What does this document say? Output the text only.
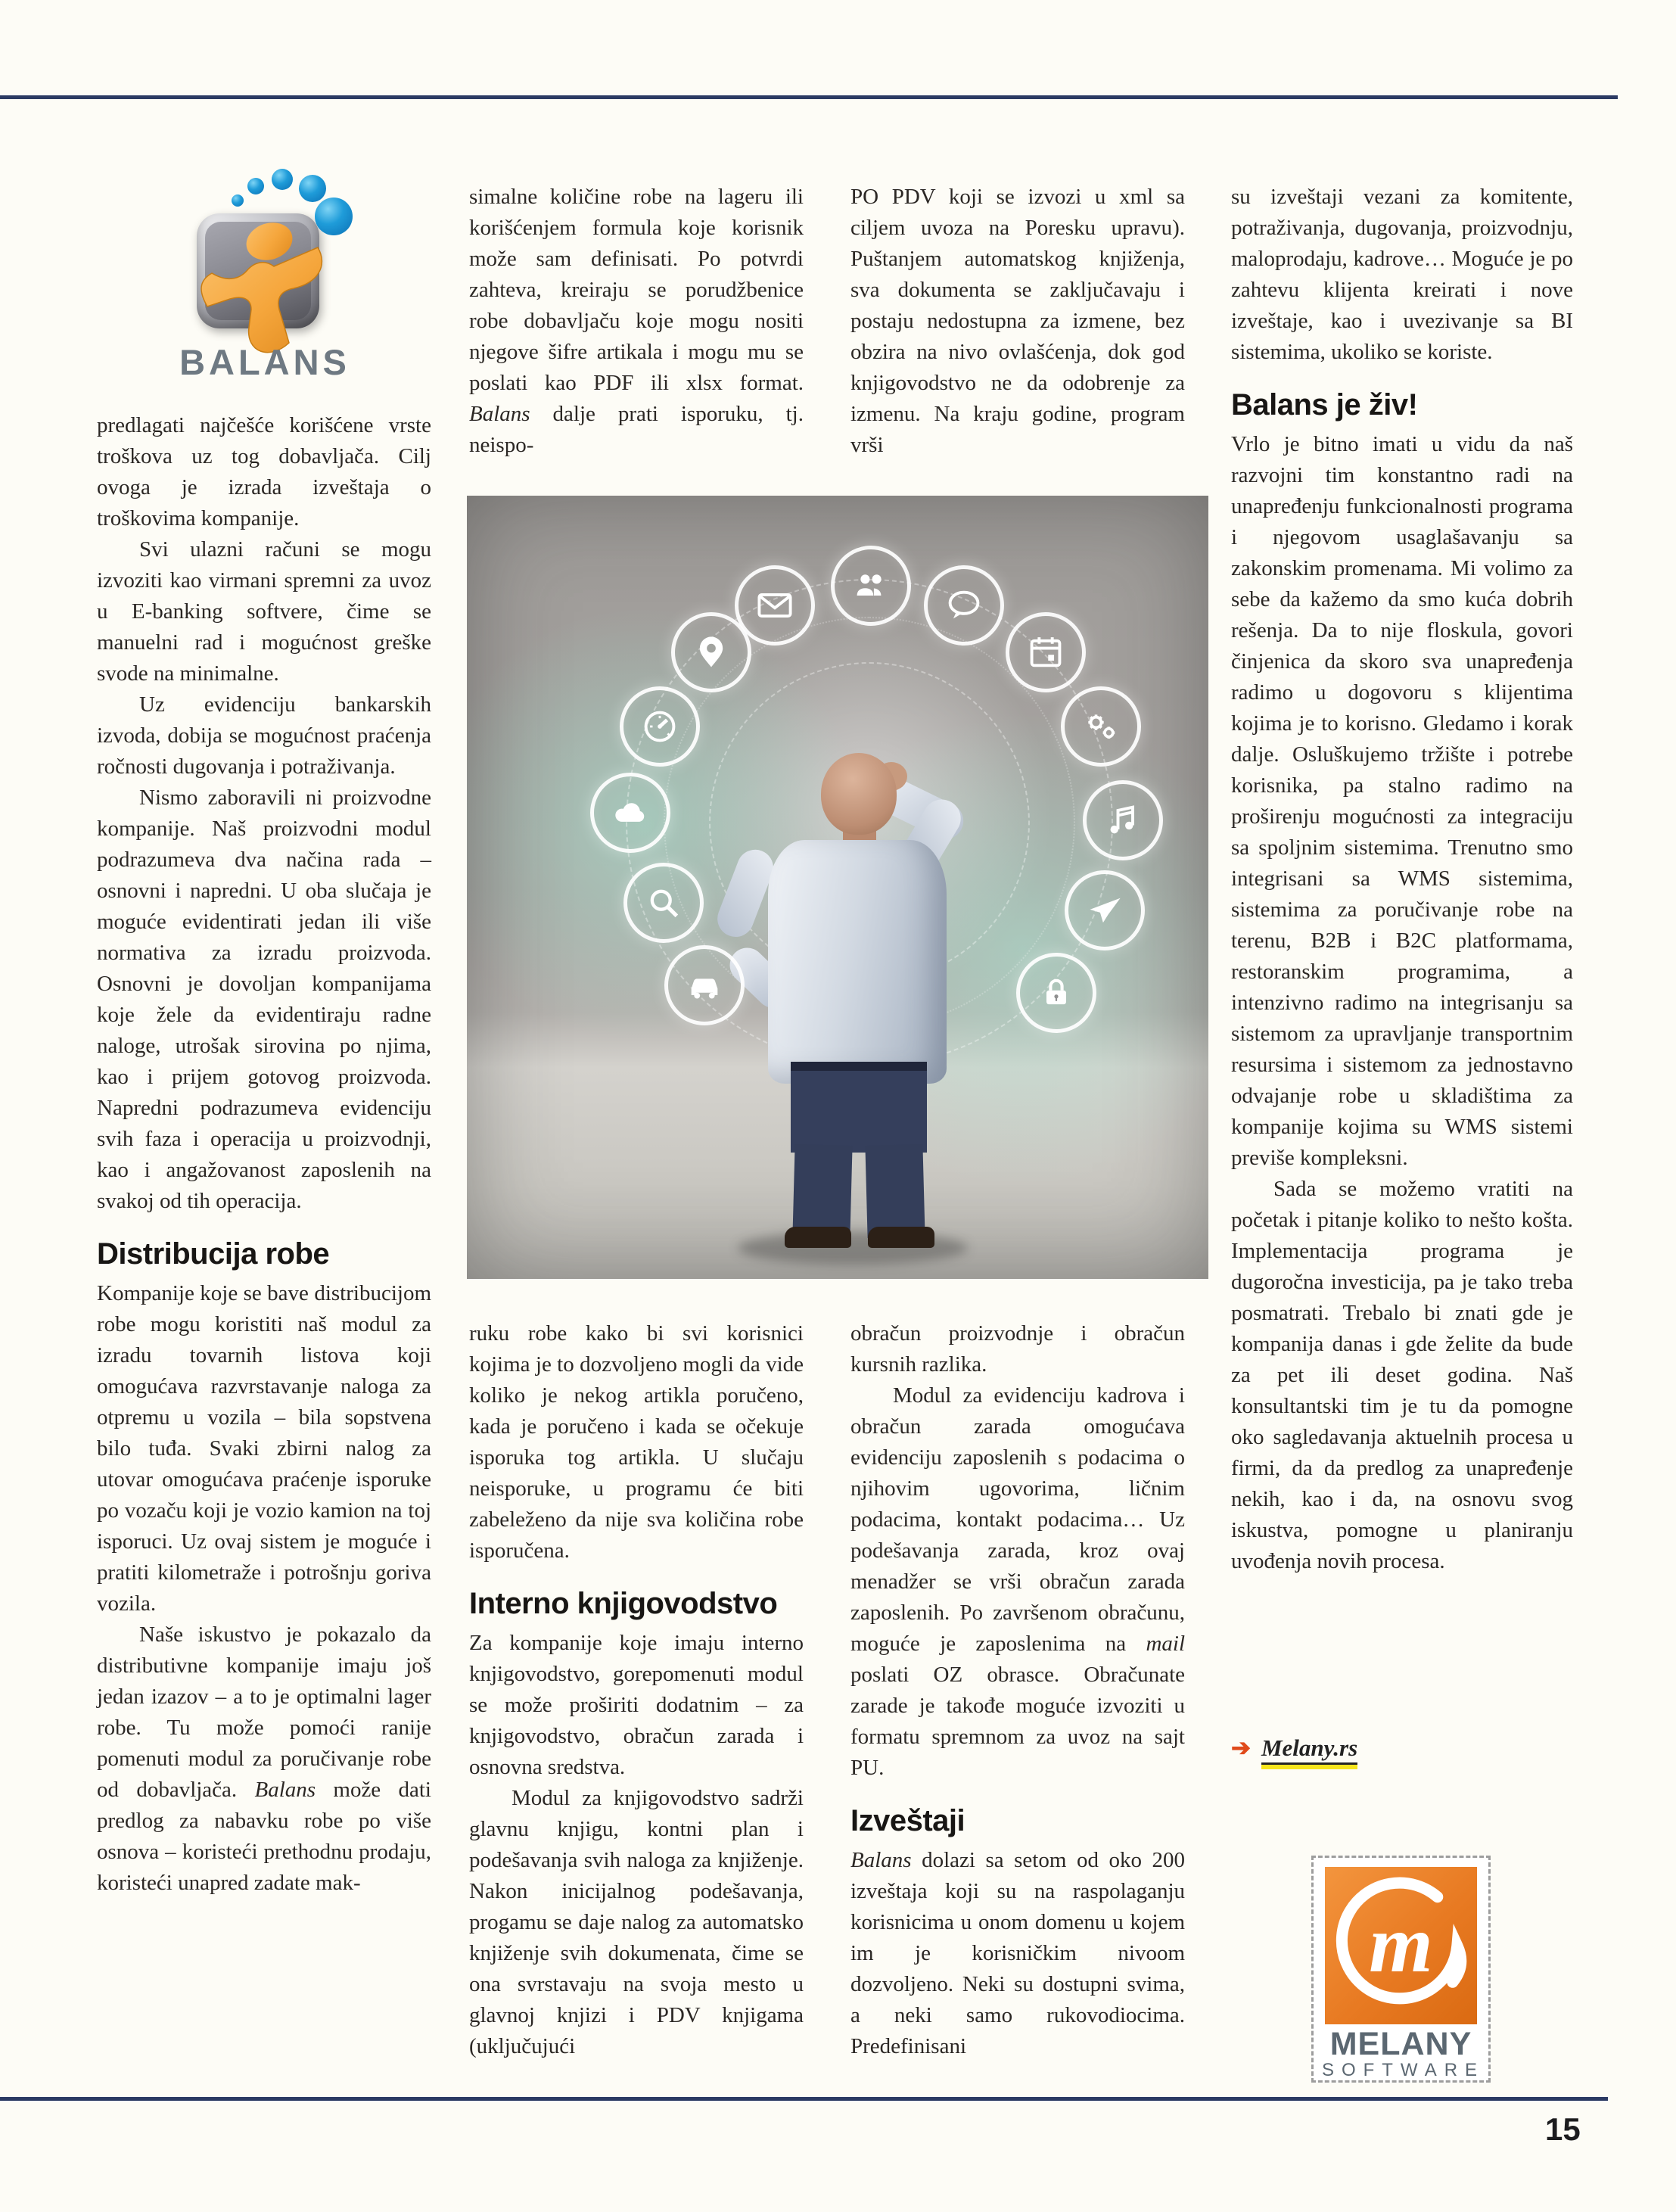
BALANS

predlagati najčešće korišćene vrste troškova uz tog dobavljača. Cilj ovoga je izrada izveštaja o troškovima kompanije.

Svi ulazni računi se mogu izvoziti kao virmani spremni za uvoz u E-banking softvere, čime se manuelni rad i mogućnost greške svode na minimalne.

Uz evidenciju bankarskih izvoda, dobija se mogućnost praćenja ročnosti dugovanja i potraživanja.

Nismo zaboravili ni proizvodne kompanije. Naš proizvodni modul podrazumeva dva načina rada – osnovni i napredni. U oba slučaja je moguće evidentirati jedan ili više normativa za izradu proizvoda. Osnovni je dovoljan kompanijama koje žele da evidentiraju radne naloge, utrošak sirovina po njima, kao i prijem gotovog proizvoda. Napredni podrazumeva evidenciju svih faza i operacija u proizvodnji, kao i angažovanost zaposlenih na svakoj od tih operacija.

Distribucija robe

Kompanije koje se bave distribucijom robe mogu koristiti naš modul za izradu tovarnih listova koji omogućava razvrstavanje naloga za otpremu u vozila – bila sopstvena bilo tuđa. Svaki zbirni nalog za utovar omogućava praćenje isporuke po vozaču koji je vozio kamion na toj isporuci. Uz ovaj sistem je moguće i pratiti kilometraže i potrošnju goriva vozila.

Naše iskustvo je pokazalo da distributivne kompanije imaju još jedan izazov – a to je optimalni lager robe. Tu može pomoći ranije pomenuti modul za poručivanje robe od dobavljača. Balans može dati predlog za nabavku robe po više osnova – koristeći prethodnu prodaju, koristeći unapred zadate mak-

simalne količine robe na lageru ili korišćenjem formula koje korisnik može sam definisati. Po potvrdi zahteva, kreiraju se porudžbenice robe dobavljaču koje mogu nositi njegove šifre artikala i mogu mu se poslati kao PDF ili xlsx format. Balans dalje prati isporuku, tj. neispo-

PO PDV koji se izvozi u xml sa ciljem uvoza na Poresku upravu). Puštanjem automatskog knjiženja, sva dokumenta se zaključavaju i postaju nedostupna za izmene, bez obzira na nivo ovlašćenja, dok god knjigovodstvo ne da odobrenje za izmenu. Na kraju godine, program vrši

ruku robe kako bi svi korisnici kojima je to dozvoljeno mogli da vide koliko je nekog artikla poručeno, kada je poručeno i kada se očekuje isporuka tog artikla. U slučaju neisporuke, u programu će biti zabeleženo da nije sva količina robe isporučena.

Interno knjigovodstvo

Za kompanije koje imaju interno knjigovodstvo, gorepomenuti modul se može proširiti dodatnim – za knjigovodstvo, obračun zarada i osnovna sredstva.

Modul za knjigovodstvo sadrži glavnu knjigu, kontni plan i podešavanja svih naloga za knjiženje. Nakon inicijalnog podešavanja, progamu se daje nalog za automatsko knjiženje svih dokumenata, čime se ona svrstavaju na svoja mesto u glavnoj knjizi i PDV knjigama (uključujući

obračun proizvodnje i obračun kursnih razlika.

Modul za evidenciju kadrova i obračun zarada omogućava evidenciju zaposlenih s podacima o njihovim ugovorima, ličnim podacima, kontakt podacima… Uz podešavanja zarada, kroz ovaj menadžer se vrši obračun zarada zaposlenih. Po završenom obračunu, moguće je zaposlenima na mail poslati OZ obrasce. Obračunate zarade je takođe moguće izvoziti u formatu spremnom za uvoz na sajt PU.

Izveštaji

Balans dolazi sa setom od oko 200 izveštaja koji su na raspolaganju korisnicima u onom domenu u kojem im je korisničkim nivoom dozvoljeno. Neki su dostupni svima, a neki samo rukovodiocima. Predefinisani

su izveštaji vezani za komitente, potraživanja, dugovanja, proizvodnju, maloprodaju, kadrove… Moguće je po zahtevu klijenta kreirati i nove izveštaje, kao i uvezivanje sa BI sistemima, ukoliko se koriste.

Balans je živ!

Vrlo je bitno imati u vidu da naš razvojni tim konstantno radi na unapređenju funkcionalnosti programa i njegovom usaglašavanju sa zakonskim promenama. Mi volimo za sebe da kažemo da smo kuća dobrih rešenja. Da to nije floskula, govori činjenica da skoro sva unapređenja radimo u dogovoru s klijentima kojima je to korisno. Gledamo i korak dalje. Osluškujemo tržište i potrebe korisnika, pa stalno radimo na proširenju mogućnosti za integraciju sa spoljnim sistemima. Trenutno smo integrisani sa WMS sistemima, sistemima za poručivanje robe na terenu, B2B i B2C platformama, restoranskim programima, a intenzivno radimo na integrisanju sa sistemom za upravljanje transportnim resursima i sistemom za jednostavno odvajanje robe u skladištima za kompanije kojima su WMS sistemi previše kompleksni.

Sada se možemo vratiti na početak i pitanje koliko to nešto košta. Implementacija programa je dugoročna investicija, pa je tako treba posmatrati. Trebalo bi znati gde je kompanija danas i gde želite da bude za pet ili deset godina. Naš konsultantski tim je tu da pomogne oko sagledavanja aktuelnih procesa u firmi, da da predlog za unapređenje nekih, kao i da, na osnovu svog iskustva, pomogne u planiranju uvođenja novih procesa.

➔ Melany.rs
m
MELANY
SOFTWARE
15
